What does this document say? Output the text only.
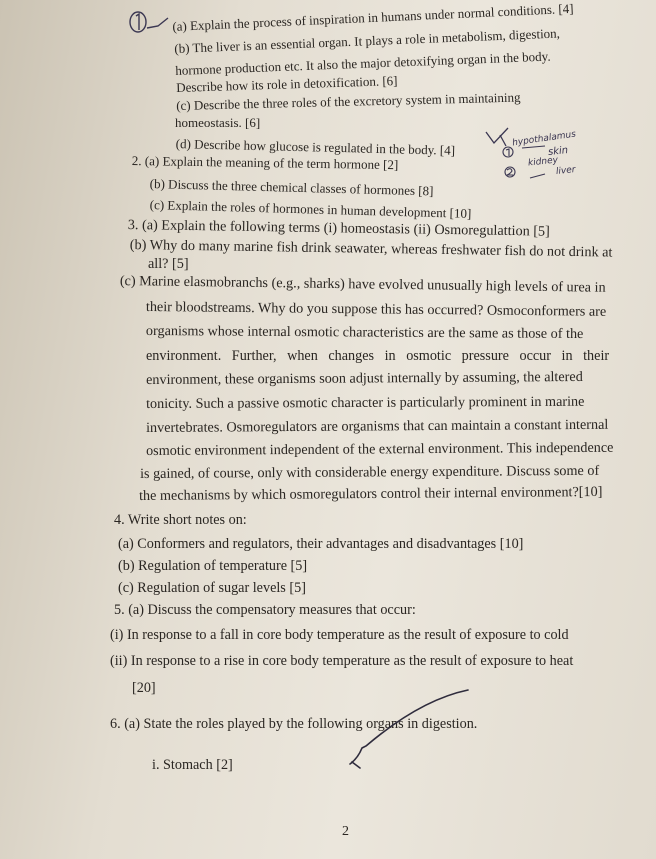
(a) Explain the process of inspiration in humans under normal conditions. [4]
(b) The liver is an essential organ. It plays a role in metabolism, digestion,
hormone production etc. It also the major detoxifying organ in the body.
Describe how its role in detoxification. [6]
(c) Describe the three roles of the excretory system in maintaining
homeostasis. [6]
(d) Describe how glucose is regulated in the body. [4]
2. (a) Explain the meaning of the term hormone [2]
(b) Discuss the three chemical classes of hormones [8]
(c) Explain the roles of hormones in human development [10]
3. (a) Explain the following terms (i) homeostasis (ii) Osmoregulattion [5]
(b) Why do many marine fish drink seawater, whereas freshwater fish do not drink at
all? [5]
(c) Marine elasmobranchs (e.g., sharks) have evolved unusually high levels of urea in
their bloodstreams. Why do you suppose this has occurred? Osmoconformers are
organisms whose internal osmotic characteristics are the same as those of the
environment. Further, when changes in osmotic pressure occur in their
environment, these organisms soon adjust internally by assuming, the altered
tonicity. Such a passive osmotic character is particularly prominent in marine
invertebrates. Osmoregulators are organisms that can maintain a constant internal
osmotic environment independent of the external environment. This independence
is gained, of course, only with considerable energy expenditure. Discuss some of
the mechanisms by which osmoregulators control their internal environment?[10]
4. Write short notes on:
(a) Conformers and regulators, their advantages and disadvantages [10]
(b) Regulation of temperature [5]
(c) Regulation of sugar levels [5]
5. (a) Discuss the compensatory measures that occur:
(i) In response to a fall in core body temperature as the result of exposure to cold
(ii) In response to a rise in core body temperature as the result of exposure to heat
[20]
6. (a) State the roles played by the following organs in digestion.
i. Stomach [2]
2
hypothalamus
skin
kidney
liver
